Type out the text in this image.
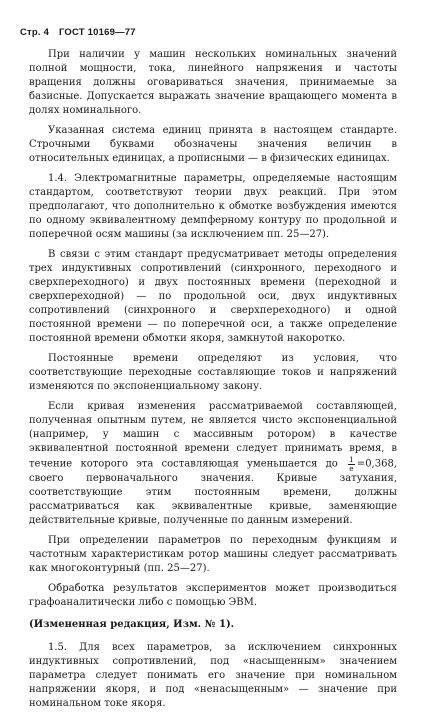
Стр. 4 ГОСТ 10169—77

При наличии у машин нескольких номинальных значений полной мощности, тока, линейного напряжения и частоты вращения должны оговариваться значения, принимаемые за базисные. Допускается выражать значение вращающего момента в долях номинального.

Указанная система единиц принята в настоящем стандарте. Строчными буквами обозначены значения величин в относительных единицах, а прописными — в физических единицах.

1.4. Электромагнитные параметры, определяемые настоящим стандартом, соответствуют теории двух реакций. При этом предполагают, что дополнительно к обмотке возбуждения имеются по одному эквивалентному демпферному контуру по продольной и поперечной осям машины (за исключением пп. 25—27).

В связи с этим стандарт предусматривает методы определения трех индуктивных сопротивлений (синхронного, переходного и сверхпереходного) и двух постоянных времени (переходной и сверхпереходной) — по продольной оси, двух индуктивных сопротивлений (синхронного и сверхпереходного) и одной постоянной времени — по поперечной оси, а также определение постоянной времени обмотки якоря, замкнутой накоротко.

Постоянные времени определяют из условия, что соответствующие переходные составляющие токов и напряжений изменяются по экспоненциальному закону.

Если кривая изменения рассматриваемой составляющей, полученная опытным путем, не является чисто экспоненциальной (например, у машин с массивным ротором) в качестве эквивалентной постоянной времени следует принимать время, в течение которого эта составляющая уменьшается до $\frac{1}{e} =0,368$, своего первоначального значения. Кривые затухания, соответствующие этим постоянным времени, должны рассматриваться как эквивалентные кривые, заменяющие действительные кривые, полученные по данным измерений.

При определении параметров по переходным функциям и частотным характеристикам ротор машины следует рассматривать как многоконтурный (пп. 25—27).

Обработка результатов экспериментов может производиться графоаналитически либо с помощью ЭВМ.

(Измененная редакция, Изм. № 1).

1.5. Для всех параметров, за исключением синхронных индуктивных сопротивлений, под «насыщенным» значением параметра следует понимать его значение при номинальном напряжении якоря, и под «ненасыщенным» — значение при номинальном токе якоря.
